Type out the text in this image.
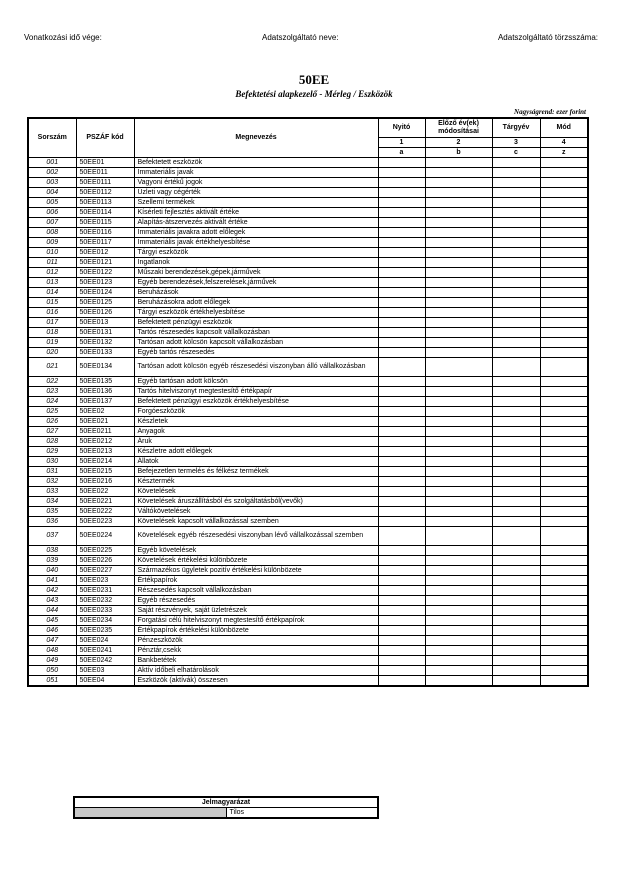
Vonatkozási idő vége:	Adatszolgáltató neve:	Adatszolgáltató törzsszáma:
50EE
Befektetési alapkezelő - Mérleg / Eszközök
Nagyságrend: ezer forint
Sorszám	PSZÁF kód	Megnevezés	Nyitó	Előző év(ek) módosításai	Tárgyév	Mód
			1	2	3	4
			a	b	c	z
001	50EE01	Befektetett eszközök				
002	50EE011	Immateriális javak				
003	50EE0111	Vagyoni értékű jogok				
004	50EE0112	Üzleti vagy cégérték				
005	50EE0113	Szellemi termékek				
006	50EE0114	Kísérleti fejlesztés aktivált értéke				
007	50EE0115	Alapítás-átszervezés aktivált értéke				
008	50EE0116	Immateriális javakra adott előlegek				
009	50EE0117	Immateriális javak értékhelyesbítése				
010	50EE012	Tárgyi eszközök				
011	50EE0121	Ingatlanok				
012	50EE0122	Műszaki berendezések,gépek,járművek				
013	50EE0123	Egyéb berendezések,felszerelések,járművek				
014	50EE0124	Beruházások				
015	50EE0125	Beruházásokra adott előlegek				
016	50EE0126	Tárgyi eszközök értékhelyesbítése				
017	50EE013	Befektetett pénzügyi eszközök				
018	50EE0131	Tartós részesedés kapcsolt vállalkozásban				
019	50EE0132	Tartósan adott kölcsön kapcsolt vállalkozásban				
020	50EE0133	Egyéb tartós részesedés				
021	50EE0134	Tartósan adott kölcsön egyéb részesedési viszonyban álló vállalkozásban				
022	50EE0135	Egyéb tartósan adott kölcsön				
023	50EE0136	Tartós hitelviszonyt megtestesítő értékpapír				
024	50EE0137	Befektetett pénzügyi eszközök értékhelyesbítése				
025	50EE02	Forgóeszközök				
026	50EE021	Készletek				
027	50EE0211	Anyagok				
028	50EE0212	Áruk				
029	50EE0213	Készletre adott előlegek				
030	50EE0214	Állatok				
031	50EE0215	Befejezetlen termelés és félkész termékek				
032	50EE0216	Késztermék				
033	50EE022	Követelések				
034	50EE0221	Követelések áruszállításból és szolgáltatásból(vevők)				
035	50EE0222	Váltókövetelések				
036	50EE0223	Követelések kapcsolt vállalkozással szemben				
037	50EE0224	Követelések egyéb részesedési viszonyban lévő vállalkozással szemben				
038	50EE0225	Egyéb követelések				
039	50EE0226	Követelések értékelési különbözete				
040	50EE0227	Származékos ügyletek pozitív értékelési különbözete				
041	50EE023	Értékpapírok				
042	50EE0231	Részesedés kapcsolt vállalkozásban				
043	50EE0232	Egyéb részesedés				
044	50EE0233	Saját részvények, saját üzletrészek				
045	50EE0234	Forgatási célú hitelviszonyt megtestesítő értékpapírok				
046	50EE0235	Értékpapírok értékelési különbözete				
047	50EE024	Pénzeszközök				
048	50EE0241	Pénztár,csekk				
049	50EE0242	Bankbetétek				
050	50EE03	Aktív időbeli elhatárolások				
051	50EE04	Eszközök (aktívák) összesen				
Jelmagyarázat
	Tilos
